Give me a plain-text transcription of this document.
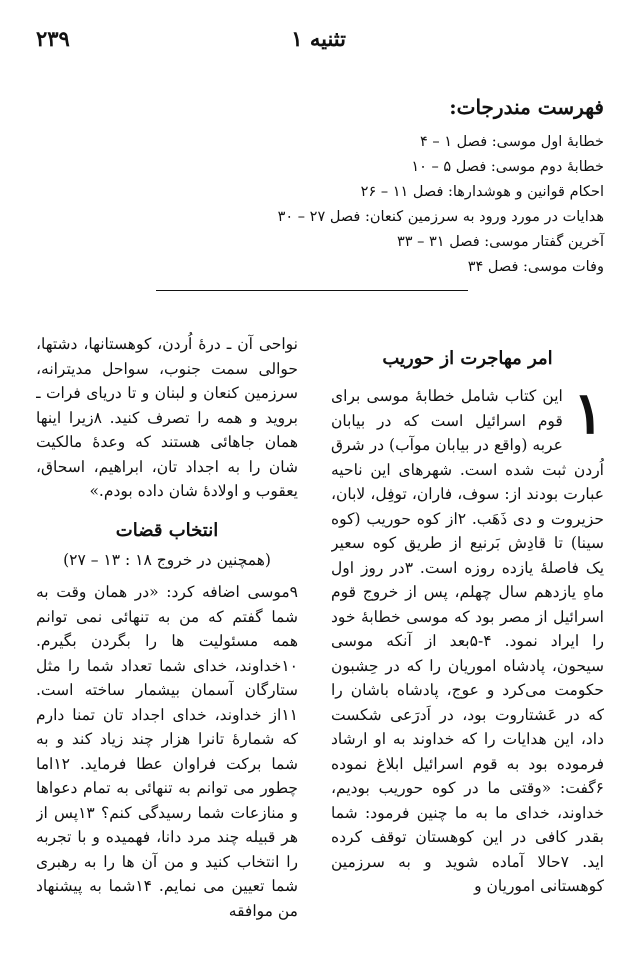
تثنیه ۱
۲۳۹
فهرست مندرجات:
خطابهٔ اول موسی: فصل ۱ – ۴
خطابهٔ دوم موسی: فصل ۵ – ۱۰
احکام قوانین و هوشدارها: فصل ۱۱ – ۲۶
هدایات در مورد ورود به سرزمین کنعان: فصل ۲۷ – ۳۰
آخرین گفتار موسی: فصل ۳۱ – ۳۳
وفات موسی: فصل ۳۴
امر مهاجرت از حوریب
۱

این کتاب شامل خطابهٔ موسی برای قوم اسرائیل است که در بیابان عربه (واقع در بیابان موآب) در شرق اُردن ثبت شده است. شهرهای این ناحیه عبارت بودند از: سوف، فاران، توفِل، لابان، حزیروت و دی ذَهَب. ۲از کوه حوریب (کوه سینا) تا قادِش بَرنیع از طریق کوه سعیر یک فاصلهٔ یازده روزه است. ۳در روز اول ماهِ یازدهم سال چهلم، پس از خروج قوم اسرائیل از مصر بود که موسی خطابهٔ خود را ایراد نمود. ۴-۵بعد از آنکه موسی سیحون، پادشاه اموریان را که در حِشبون حکومت می‌کرد و عوج، پادشاه باشان را که در عَشتاروت بود، در اَدرَعی شکست داد، این هدایات را که خداوند به او ارشاد فرموده بود به قوم اسرائیل ابلاغ نموده ۶گفت: «وقتی ما در کوه حوریب بودیم، خداوند، خدای ما به ما چنین فرمود: شما بقدر کافی در این کوهستان توقف کرده اید. ۷حالا آماده شوید و به سرزمین کوهستانی اموریان و

نواحی آن ـ درهٔ اُردن، کوهستانها، دشتها، حوالی سمت جنوب، سواحل مدیترانه، سرزمین کنعان و لبنان و تا دریای فرات ـ بروید و همه را تصرف کنید. ۸زیرا اینها همان جاهائی هستند که وعدهٔ مالکیت شان را به اجداد تان، ابراهیم، اسحاق، یعقوب و اولادهٔ شان داده بودم.»

انتخاب قضات
(همچنین در خروج ۱۸ : ۱۳ – ۲۷)

۹موسی اضافه کرد: «در همان وقت به شما گفتم که من به تنهائی نمی توانم همه مسئولیت ها را بگردن بگیرم. ۱۰خداوند، خدای شما تعداد شما را مثل ستارگان آسمان بیشمار ساخته است. ۱۱از خداوند، خدای اجداد تان تمنا دارم که شمارهٔ تانرا هزار چند زیاد کند و به شما برکت فراوان عطا فرماید. ۱۲اما چطور می توانم به تنهائی به تمام دعواها و منازعات شما رسیدگی کنم؟ ۱۳پس از هر قبیله چند مرد دانا، فهمیده و با تجربه را انتخاب کنید و من آن ها را به رهبری شما تعیین می نمایم. ۱۴شما به پیشنهاد من موافقه
